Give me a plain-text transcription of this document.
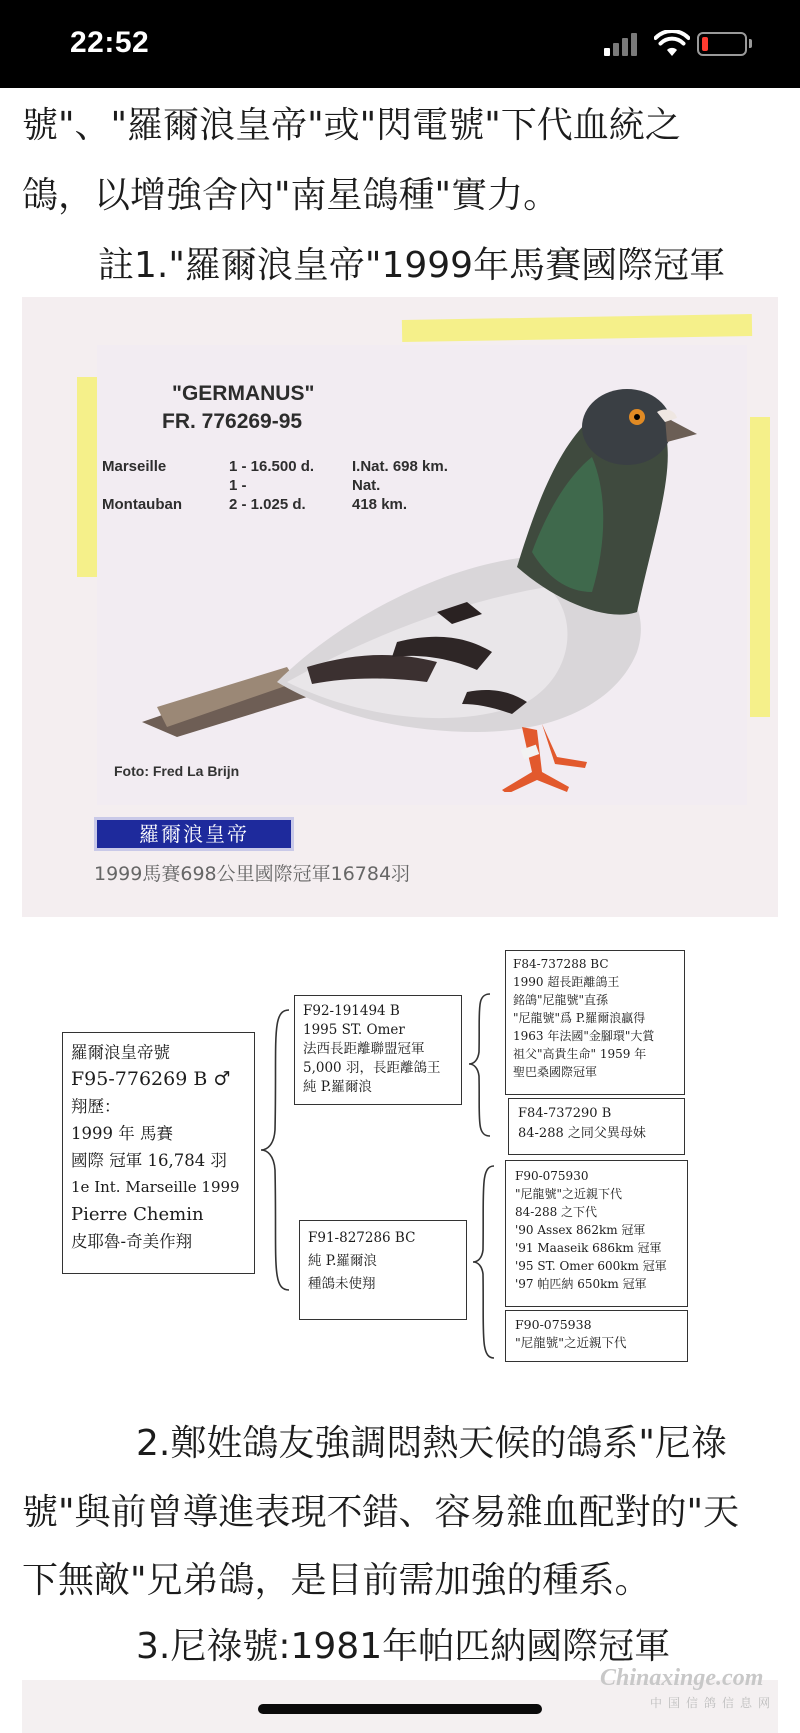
22:52
號"、"羅爾浪皇帝"或"閃電號"下代血統之
鴿，以增強舍內"南星鴿種"實力。
註1."羅爾浪皇帝"1999年馬賽國際冠軍
"GERMANUS"
FR. 776269-95
Marseille
Montauban
1 - 16.500 d.
1 -
2 - 1.025 d.
I.Nat. 698 km.
Nat.
418 km.
Foto: Fred La Brijn
羅爾浪皇帝
1999馬賽698公里國際冠軍16784羽
羅爾浪皇帝號
F95-776269 B ♂
翔歷：
1999 年 馬賽
國際 冠軍 16,784 羽
1e Int. Marseille 1999
Pierre Chemin
皮耶魯-奇美作翔
F92-191494 B
1995 ST. Omer
法西長距離聯盟冠軍
5,000 羽，長距離鴿王
純 P.羅爾浪
F91-827286 BC
純 P.羅爾浪
種鴿未使翔
F84-737288 BC
1990 超長距離鴿王
銘鴿"尼龍號"直孫
"尼龍號"爲 P.羅爾浪贏得
1963 年法國"金腳環"大賞
祖父"高貴生命" 1959 年
聖巴桑國際冠軍
F84-737290 B
84-288 之同父異母妹
F90-075930
"尼龍號"之近親下代
84-288 之下代
'90 Assex 862km 冠軍
'91 Maaseik 686km 冠軍
'95 ST. Omer 600km 冠軍
'97 帕匹納 650km 冠軍
F90-075938
"尼龍號"之近親下代
2.鄭姓鴿友強調悶熱天候的鴿系"尼祿
號"與前曾導進表現不錯、容易雜血配對的"天
下無敵"兄弟鴿，是目前需加強的種系。
3.尼祿號:1981年帕匹納國際冠軍
Chinaxinge.com
中国信鸽信息网
